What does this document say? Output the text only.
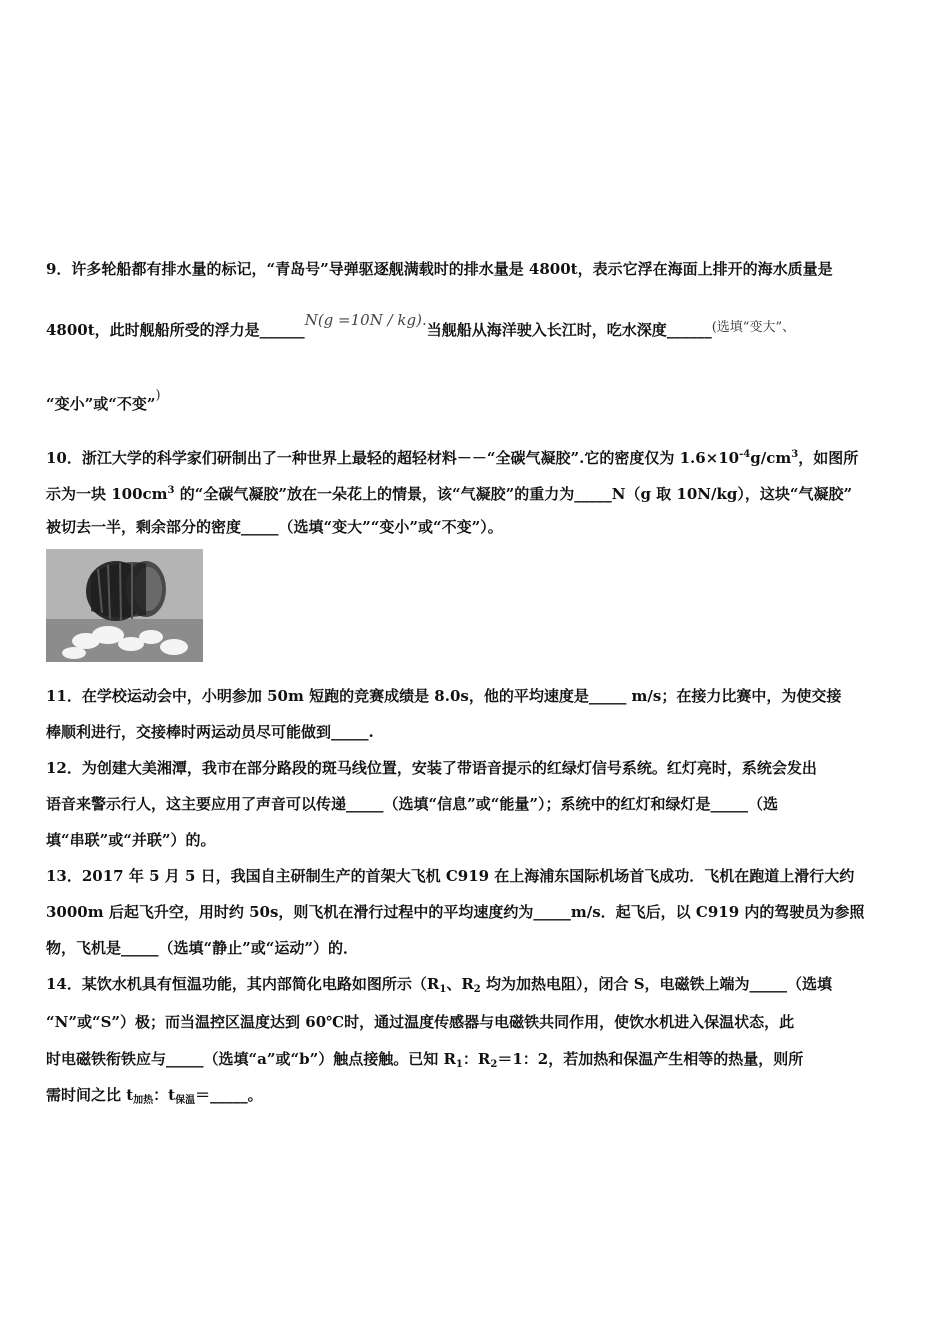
9．许多轮船都有排水量的标记，“青岛号”导弹驱逐舰满载时的排水量是 4800t，表示它浮在海面上排开的海水质量是
4800t，此时舰船所受的浮力是______N(g =10N / kg).当舰船从海洋驶入长江时，吃水深度______(选填“变大”、
“变小”或“不变”)
10．浙江大学的科学家们研制出了一种世界上最轻的超轻材料－－“全碳气凝胶”.它的密度仅为 $1.6\times 10^{-4}g/cm^3$，如图所
示为一块 $100cm^3$ 的“全碳气凝胶”放在一朵花上的情景，该“气凝胶”的重力为_____N（g 取 10N/kg），这块“气凝胶”
被切去一半，剩余部分的密度_____（选填“变大”“变小”或“不变”）。
11．在学校运动会中，小明参加 50m 短跑的竞赛成绩是 8.0s，他的平均速度是_____ m/s；在接力比赛中，为使交接
棒顺利进行，交接棒时两运动员尽可能做到_____.
12．为创建大美湘潭，我市在部分路段的斑马线位置，安装了带语音提示的红绿灯信号系统。红灯亮时，系统会发出
语音来警示行人，这主要应用了声音可以传递_____（选填“信息”或“能量”）；系统中的红灯和绿灯是_____（选
填“串联”或“并联”）的。
13．2017 年 5 月 5 日，我国自主研制生产的首架大飞机 C919 在上海浦东国际机场首飞成功．飞机在跑道上滑行大约
3000m 后起飞升空，用时约 50s，则飞机在滑行过程中的平均速度约为_____m/s．起飞后，以 C919 内的驾驶员为参照
物，飞机是_____（选填“静止”或“运动”）的．
14．某饮水机具有恒温功能，其内部简化电路如图所示（$R_1$、$R_2$ 均为加热电阻），闭合 S，电磁铁上端为_____（选填
“N”或“S”）极；而当温控区温度达到 60℃时，通过温度传感器与电磁铁共同作用，使饮水机进入保温状态，此
时电磁铁衔铁应与_____（选填“a”或“b”）触点接触。已知 $R_1$：$R_2=1$：2，若加热和保温产生相等的热量，则所
需时间之比 $t_{加热}$：$t_{保温}=\_\_\_\_\_$。
